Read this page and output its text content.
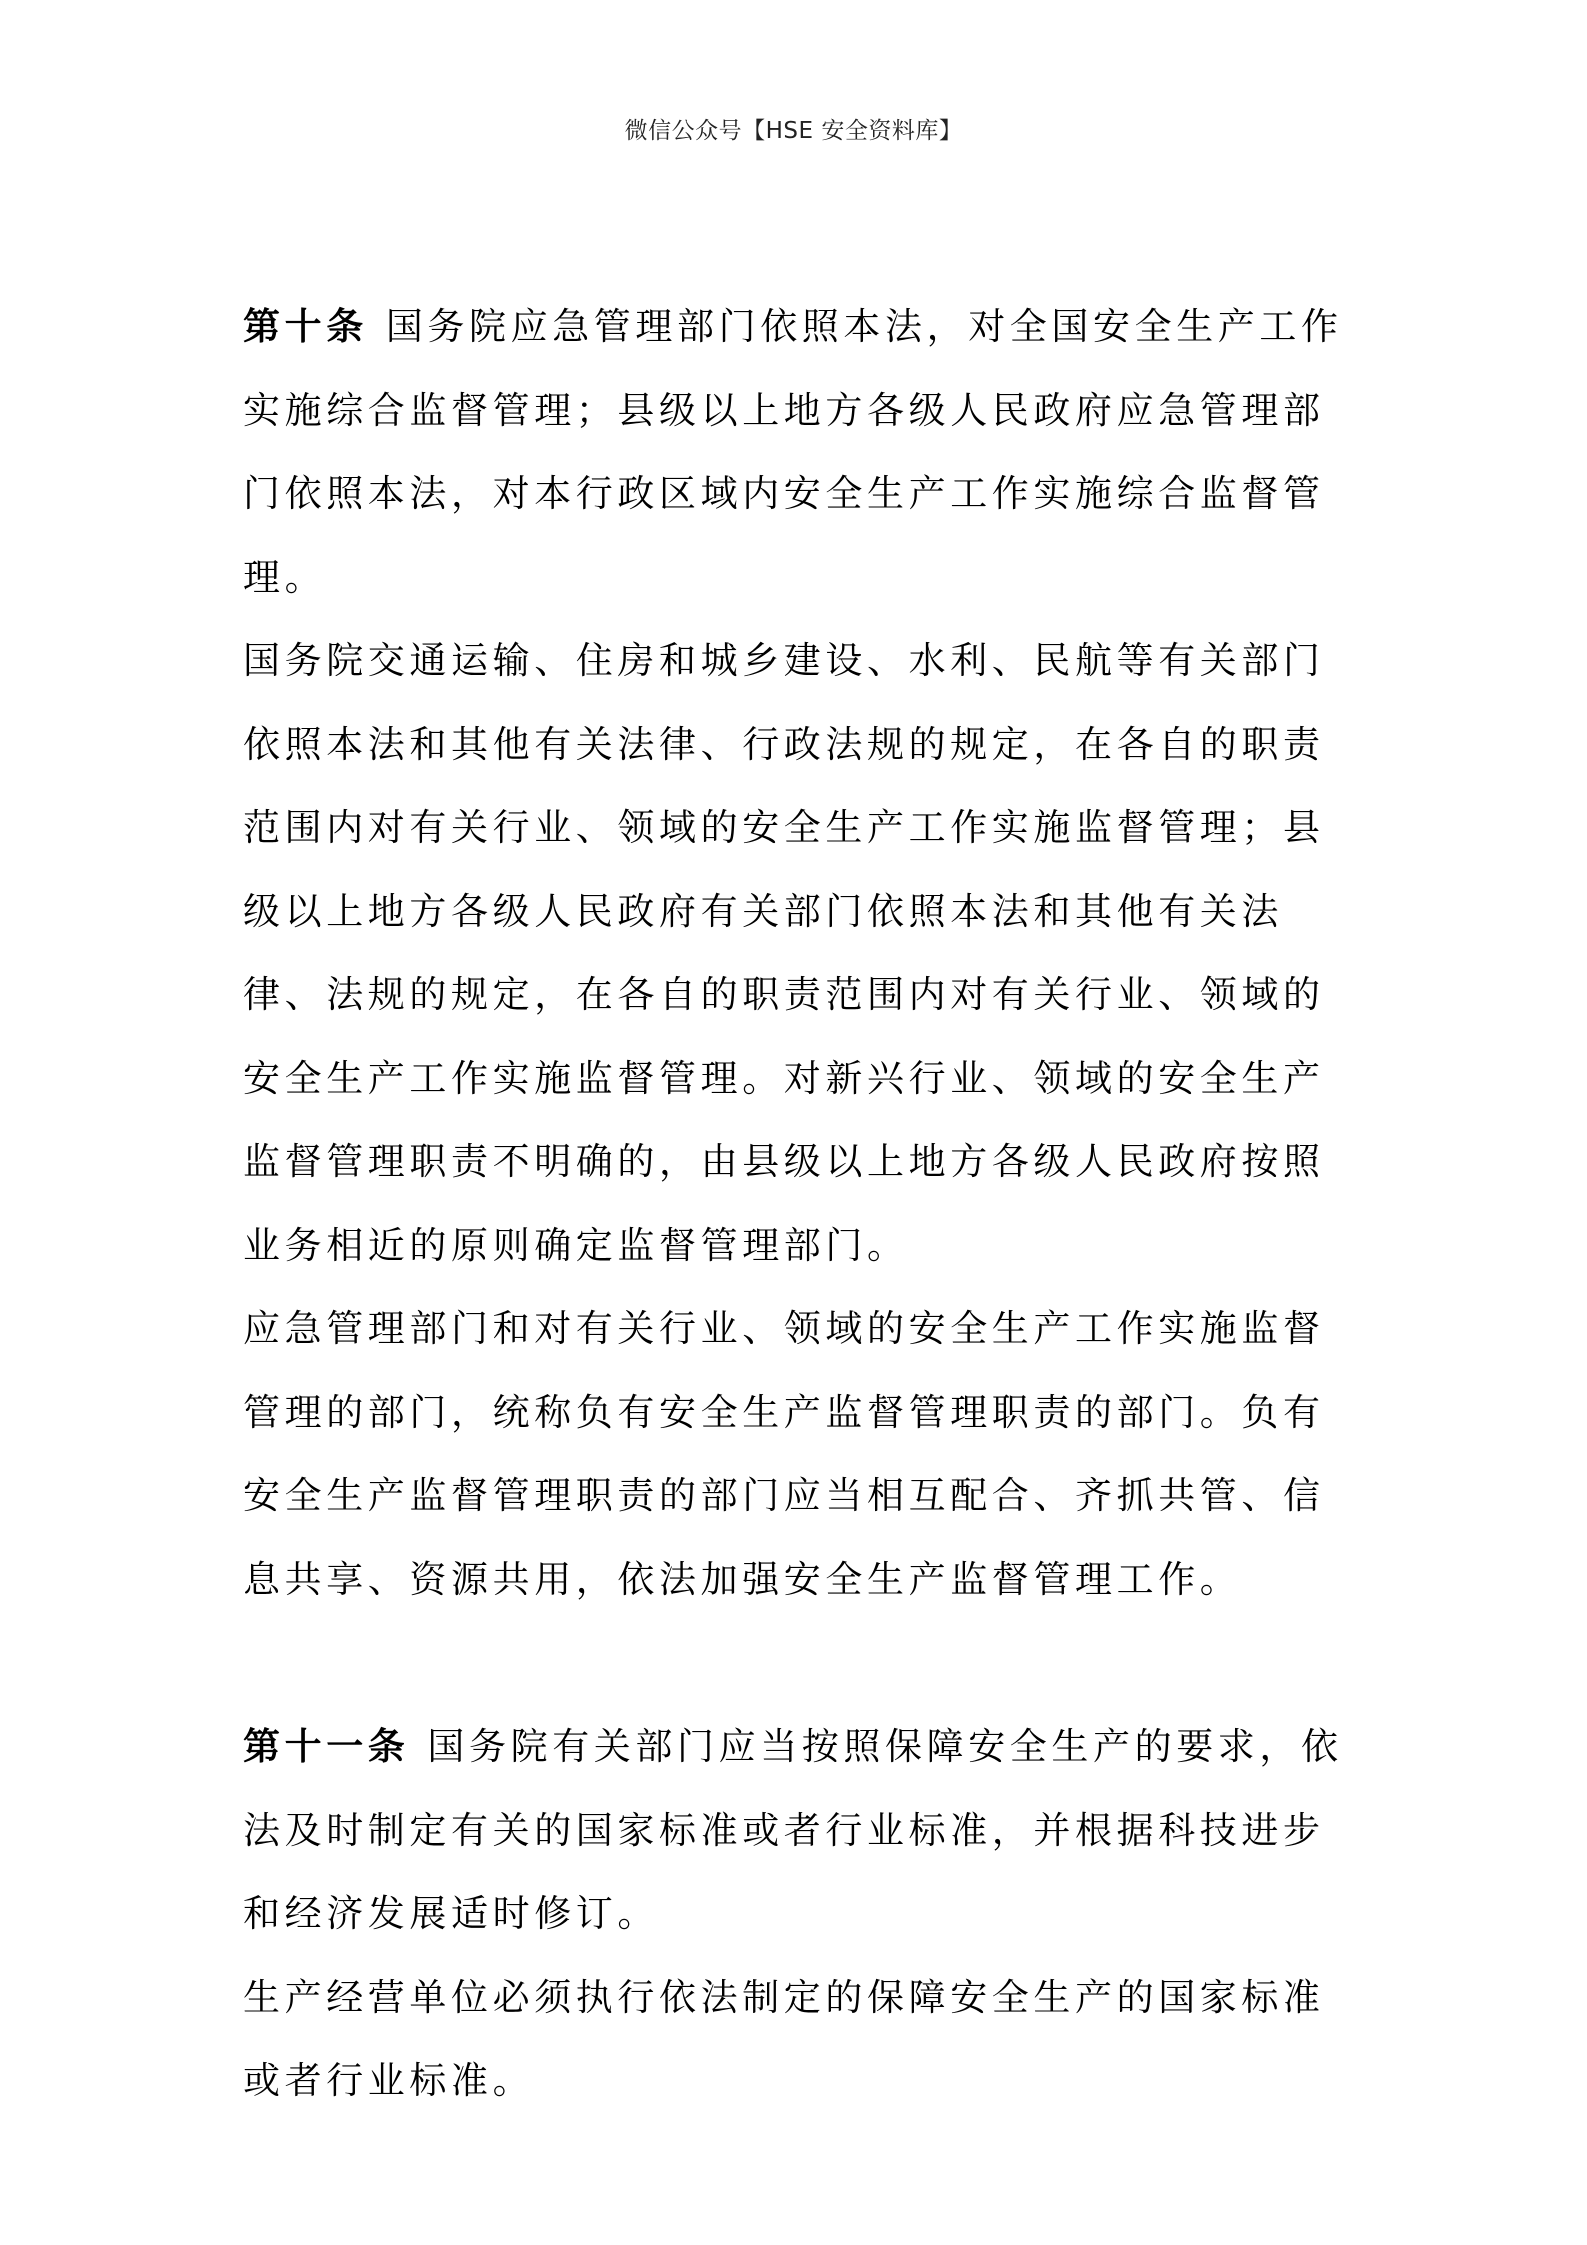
微信公众号【HSE 安全资料库】

第十条 国务院应急管理部门依照本法，对全国安全生产工作实施综合监督管理；县级以上地方各级人民政府应急管理部门依照本法，对本行政区域内安全生产工作实施综合监督管理。

国务院交通运输、住房和城乡建设、水利、民航等有关部门依照本法和其他有关法律、行政法规的规定，在各自的职责范围内对有关行业、领域的安全生产工作实施监督管理；县级以上地方各级人民政府有关部门依照本法和其他有关法律、法规的规定，在各自的职责范围内对有关行业、领域的安全生产工作实施监督管理。对新兴行业、领域的安全生产监督管理职责不明确的，由县级以上地方各级人民政府按照业务相近的原则确定监督管理部门。

应急管理部门和对有关行业、领域的安全生产工作实施监督管理的部门，统称负有安全生产监督管理职责的部门。负有安全生产监督管理职责的部门应当相互配合、齐抓共管、信息共享、资源共用，依法加强安全生产监督管理工作。

第十一条 国务院有关部门应当按照保障安全生产的要求，依法及时制定有关的国家标准或者行业标准，并根据科技进步和经济发展适时修订。

生产经营单位必须执行依法制定的保障安全生产的国家标准或者行业标准。
